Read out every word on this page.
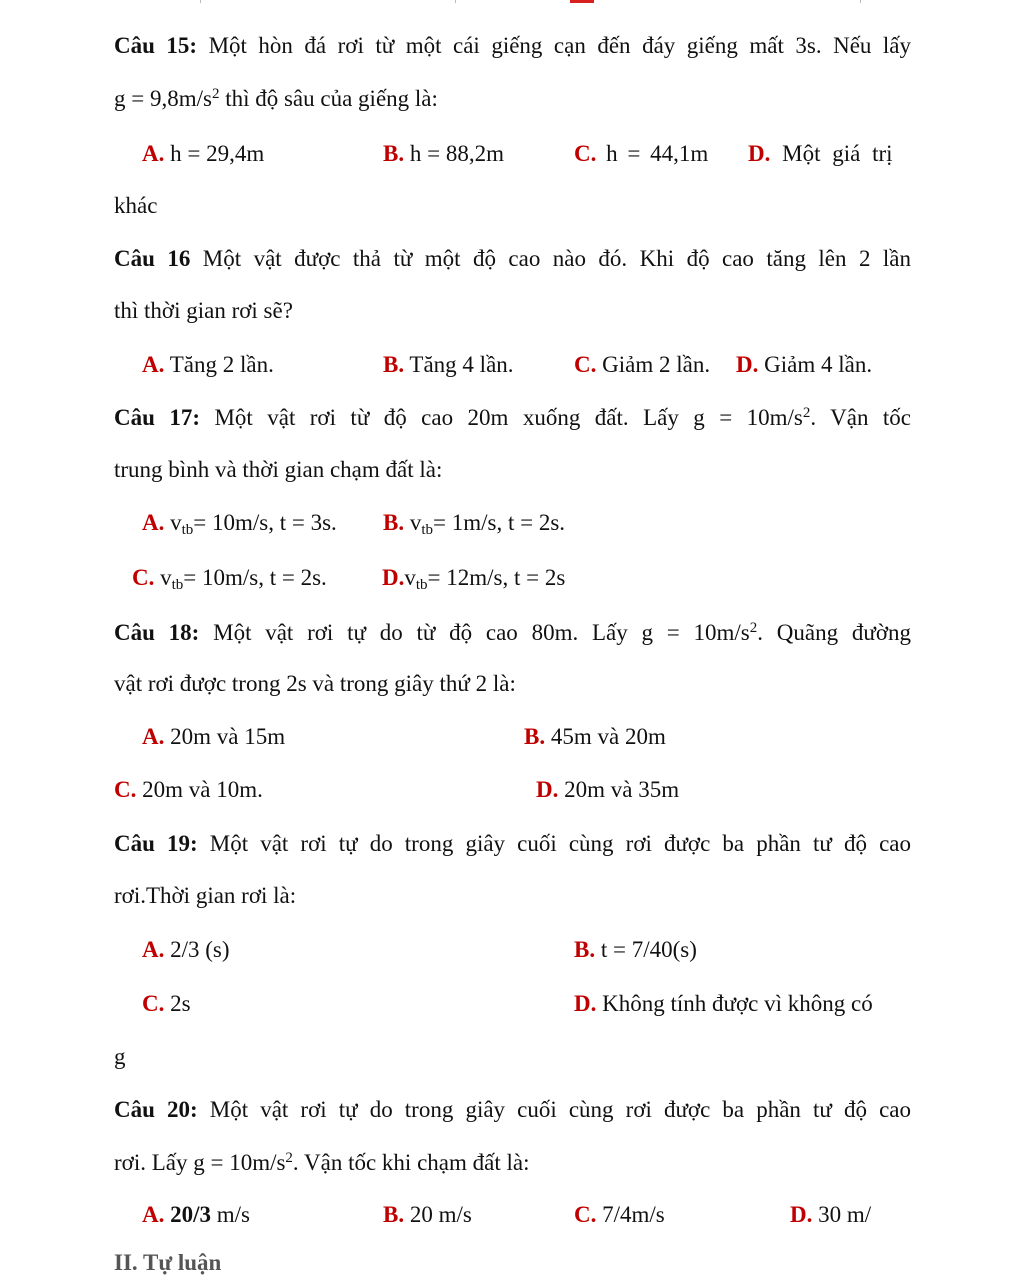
Câu 15: Một hòn đá rơi từ một cái giếng cạn đến đáy giếng mất 3s. Nếu lấy
$g = 9,8m/s^2$ thì độ sâu của giếng là:
A. h = 29,4m	B. h = 88,2m	C. h = 44,1m D. Một giá trị
khác
Câu 16 Một vật được thả từ một độ cao nào đó. Khi độ cao tăng lên 2 lần
thì thời gian rơi sẽ?
A. Tăng 2 lần.	B. Tăng 4 lần.	C. Giảm 2 lần. D. Giảm 4 lần.
Câu 17: Một vật rơi từ độ cao 20m xuống đất. Lấy $g = 10m/s^2$. Vận tốc
trung bình và thời gian chạm đất là:
A. $v_{tb}= 10m/s$, t = 3s. B. $v_{tb}= 1m/s$, t = 2s.
C. $v_{tb}= 10m/s$, t = 2s. $D.v_{tb}= 12m/s$, t = 2s
Câu 18: Một vật rơi tự do từ độ cao 80m. Lấy $g = 10m/s^2$. Quãng đường
vật rơi được trong 2s và trong giây thứ 2 là:
A. 20m và 15m	B. 45m và 20m
C. 20m và 10m.	D. 20m và 35m
Câu 19: Một vật rơi tự do trong giây cuối cùng rơi được ba phần tư độ cao
rơi.Thời gian rơi là:
A. 2/3 (s)	B. t = 7/40(s)
C. 2s	D. Không tính được vì không có
g
Câu 20: Một vật rơi tự do trong giây cuối cùng rơi được ba phần tư độ cao
rơi. Lấy $g = 10m/s^2$. Vận tốc khi chạm đất là:
A. 20/3 m/s	B. 20 m/s	C. 7/4m/s	D. 30 m/
II. Tự luận
